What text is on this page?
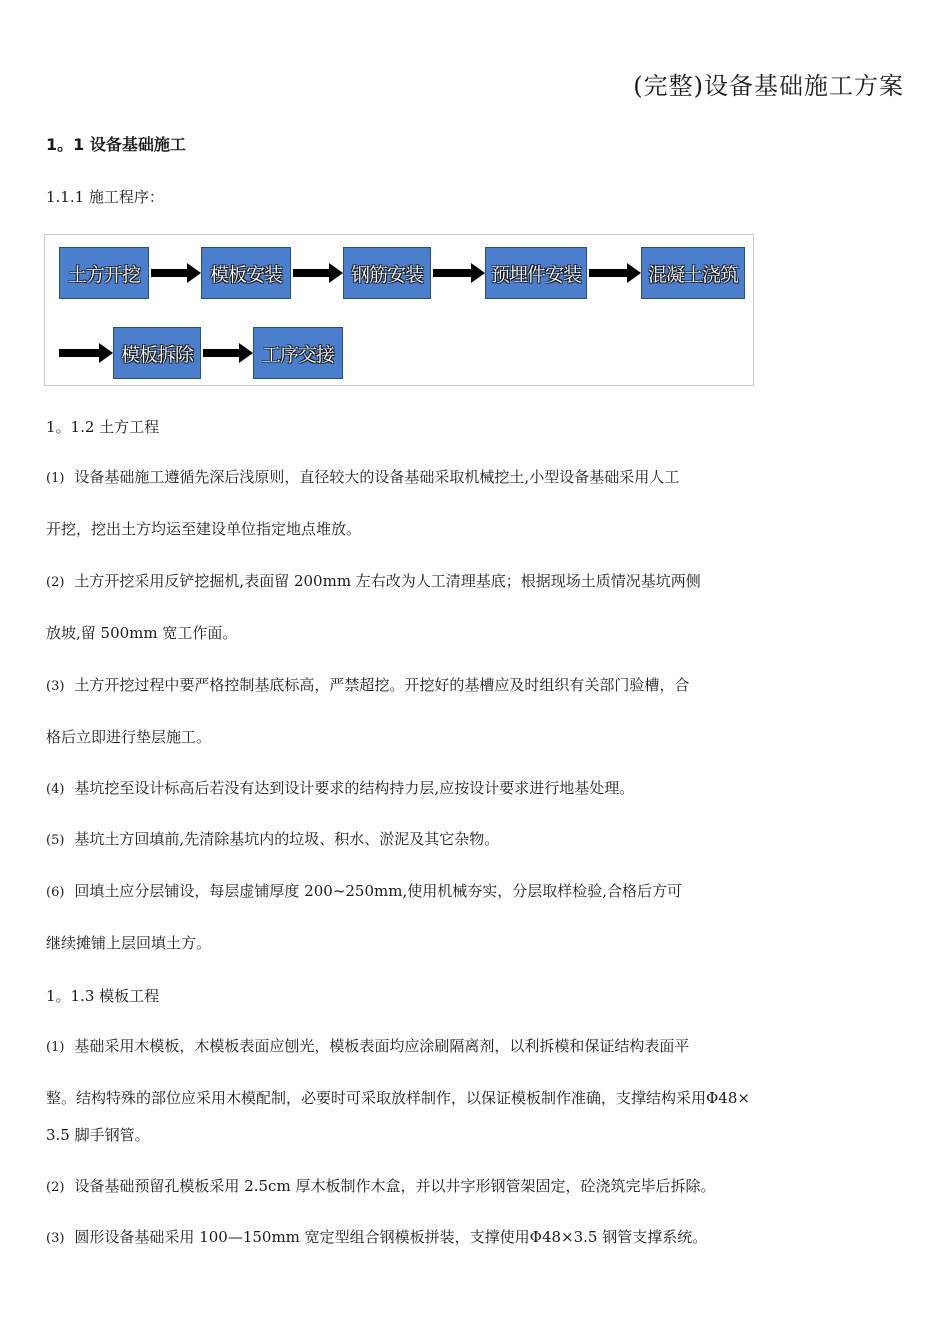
(完整)设备基础施工方案
1。1 设备基础施工
1.1.1 施工程序：
土方开挖	模板安装	钢筋安装	预埋件安装	混凝土浇筑
模板拆除	工序交接
1。1.2 土方工程

(1) 设备基础施工遵循先深后浅原则，直径较大的设备基础采取机械挖土,小型设备基础采用人工

开挖，挖出土方均运至建设单位指定地点堆放。

(2) 土方开挖采用反铲挖掘机,表面留 200mm 左右改为人工清理基底；根据现场土质情况基坑两侧

放坡,留 500mm 宽工作面。

(3) 土方开挖过程中要严格控制基底标高，严禁超挖。开挖好的基槽应及时组织有关部门验槽，合

格后立即进行垫层施工。

(4) 基坑挖至设计标高后若没有达到设计要求的结构持力层,应按设计要求进行地基处理。

(5) 基坑土方回填前,先清除基坑内的垃圾、积水、淤泥及其它杂物。

(6) 回填土应分层铺设，每层虚铺厚度 200~250mm,使用机械夯实，分层取样检验,合格后方可

继续摊铺上层回填土方。

1。1.3 模板工程

(1) 基础采用木模板，木模板表面应刨光，模板表面均应涂刷隔离剂，以利拆模和保证结构表面平

整。结构特殊的部位应采用木模配制，必要时可采取放样制作，以保证模板制作准确，支撑结构采用Φ48×

3.5 脚手钢管。

(2) 设备基础预留孔模板采用 2.5cm 厚木板制作木盒，并以井字形钢管架固定，砼浇筑完毕后拆除。

(3) 圆形设备基础采用 100—150mm 宽定型组合钢模板拼装，支撑使用Φ48×3.5 钢管支撑系统。
